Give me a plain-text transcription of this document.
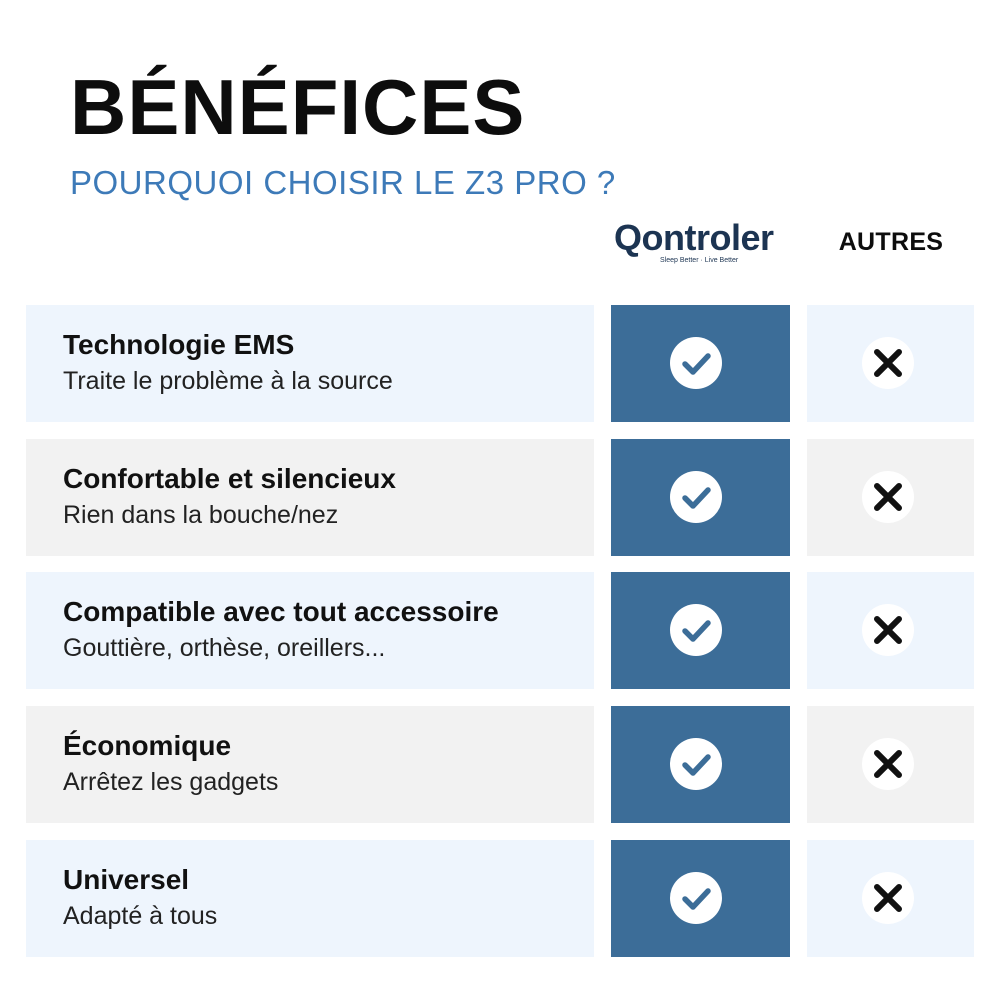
BÉNÉFICES
POURQUOI CHOISIR LE Z3 PRO ?
Qontroler
Sleep Better · Live Better
AUTRES
Technologie EMS
Traite le problème à la source
Confortable et silencieux
Rien dans la bouche/nez
Compatible avec tout accessoire
Gouttière, orthèse, oreillers...
Économique
Arrêtez les gadgets
Universel
Adapté à tous
